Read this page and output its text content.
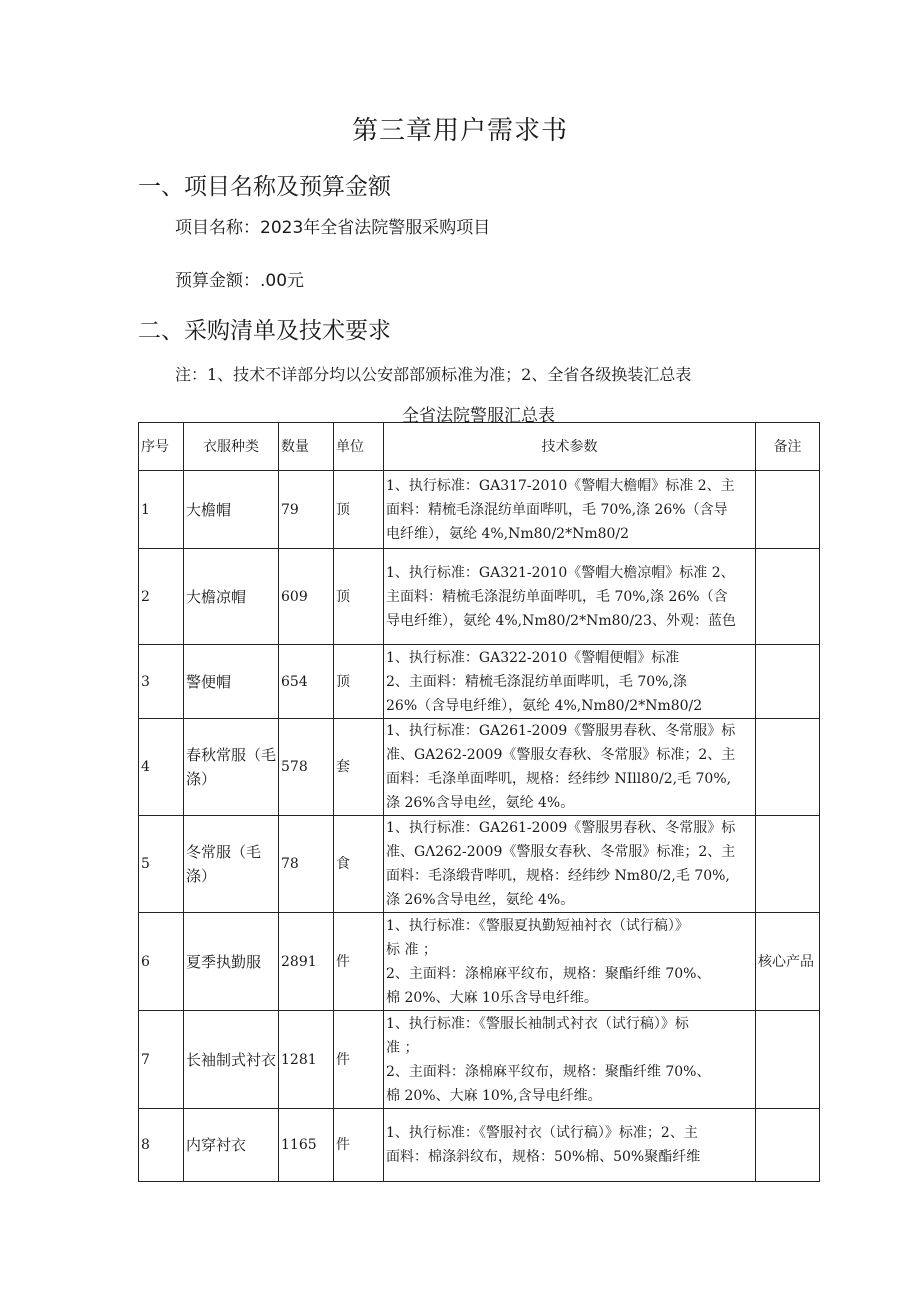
第三章用户需求书
一、项目名称及预算金额
项目名称：2023年全省法院警服采购项目
预算金额：.00元
二、采购清单及技术要求
注：1、技术不详部分均以公安部部颁标准为准；2、全省各级换装汇总表
全省法院警服汇总表
序号	衣服种类	数量	单位	技术参数	备注
1	大檐帽	79	顶	1、执行标准：GA317-2010《警帽大檐帽》标准 2、主
面料：精梳毛涤混纺单面哔叽，毛 70%,涤 26%（含导
电纤维），氨纶 4%,Nm80∕2*Nm80∕2	

2	大檐凉帽	609	顶	1、执行标准：GA321-2010《警帽大檐凉帽》标准 2、
主面料：精梳毛涤混纺单面哔叽，毛 70%,涤 26%（含
导电纤维），氨纶 4%,Nm80∕2*Nm80∕23、外观：蓝色	

3	警便帽	654	顶	1、执行标准：GA322-2010《警帽便帽》标准
2、主面料：精梳毛涤混纺单面哔叽，毛 70%,涤
26%（含导电纤维），氨纶 4%,Nm80∕2*Nm80∕2	

4	春秋常服（毛涤）	578	套	1、执行标准：GA261-2009《警服男春秋、冬常服》标
准、GA262-2009《警服女春秋、冬常服》标准；2、主
面料：毛涤单面哔叽，规格：经纬纱 NIll80/2,毛 70%,
涤 26%含导电丝，氨纶 4%。	

5	冬常服（毛涤）	78	食	1、执行标准：GA261-2009《警服男春秋、冬常服》标
准、GΛ262-2009《警服女春秋、冬常服》标准；2、主
面料：毛涤缎背哔叽，规格：经纬纱 Nm80/2,毛 70%,
涤 26%含导电丝，氨纶 4%。	

6	夏季执勤服	2891	件	1、执行标准：《警服夏执勤短袖衬衣（试行稿）》
标 准 ；
2、主面料：涤棉麻平纹布，规格：聚酯纤维 70%、
棉 20%、大麻 10乐含导电纤维。	核心产品
7	长袖制式衬衣	1281	件	1、执行标准：《警服长袖制式衬衣（试行稿）》标
准 ；
2、主面料：涤棉麻平纹布，规格：聚酯纤维 70%、
棉 20%、大麻 10%,含导电纤维。	

8	内穿衬衣	1165	件	1、执行标准：《警服衬衣（试行稿）》标准；2、主
面料：棉涤斜纹布，规格：50%棉、50%聚酯纤维	
